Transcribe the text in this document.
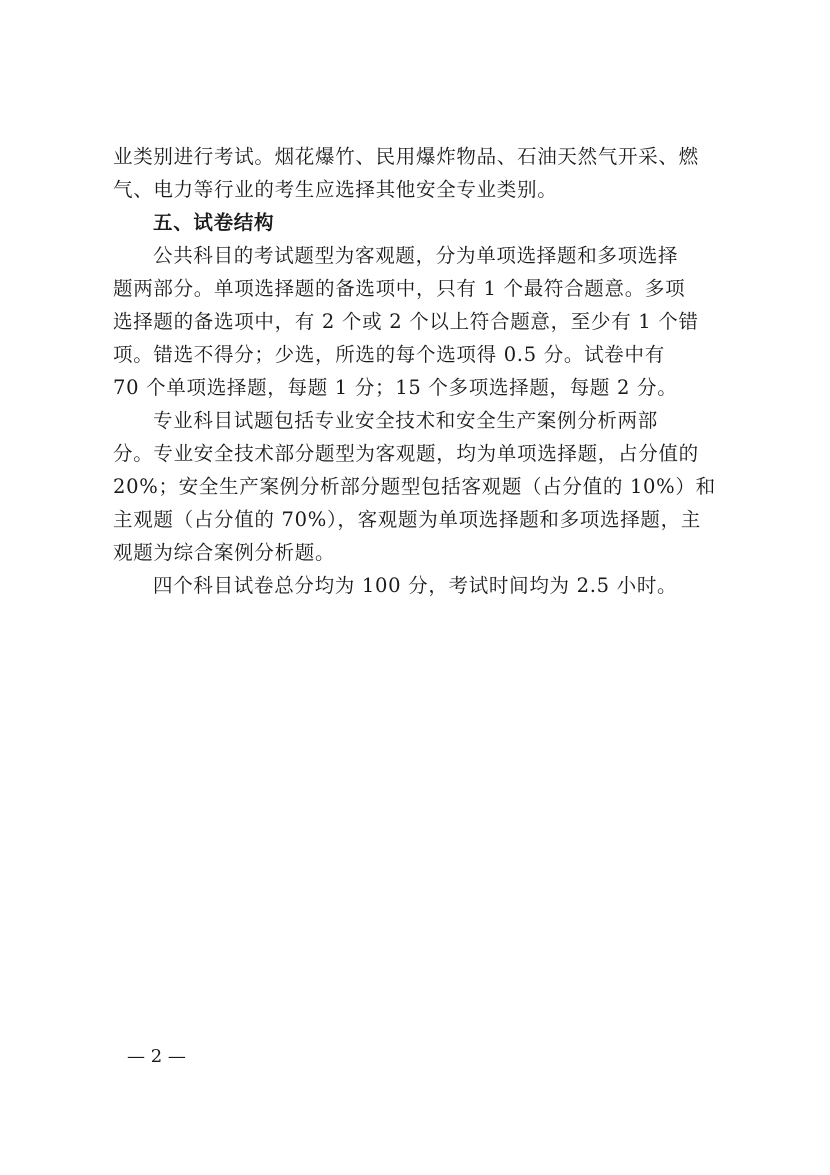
业类别进行考试。烟花爆竹、民用爆炸物品、石油天然气开采、燃
气、电力等行业的考生应选择其他安全专业类别。
五、试卷结构
公共科目的考试题型为客观题，分为单项选择题和多项选择
题两部分。单项选择题的备选项中，只有 1 个最符合题意。多项
选择题的备选项中，有 2 个或 2 个以上符合题意，至少有 1 个错
项。错选不得分；少选，所选的每个选项得 0.5 分。试卷中有
70 个单项选择题，每题 1 分；15 个多项选择题，每题 2 分。
专业科目试题包括专业安全技术和安全生产案例分析两部
分。专业安全技术部分题型为客观题，均为单项选择题，占分值的
20%；安全生产案例分析部分题型包括客观题（占分值的 10%）和
主观题（占分值的 70%），客观题为单项选择题和多项选择题，主
观题为综合案例分析题。
四个科目试卷总分均为 100 分，考试时间均为 2.5 小时。
— 2 —
